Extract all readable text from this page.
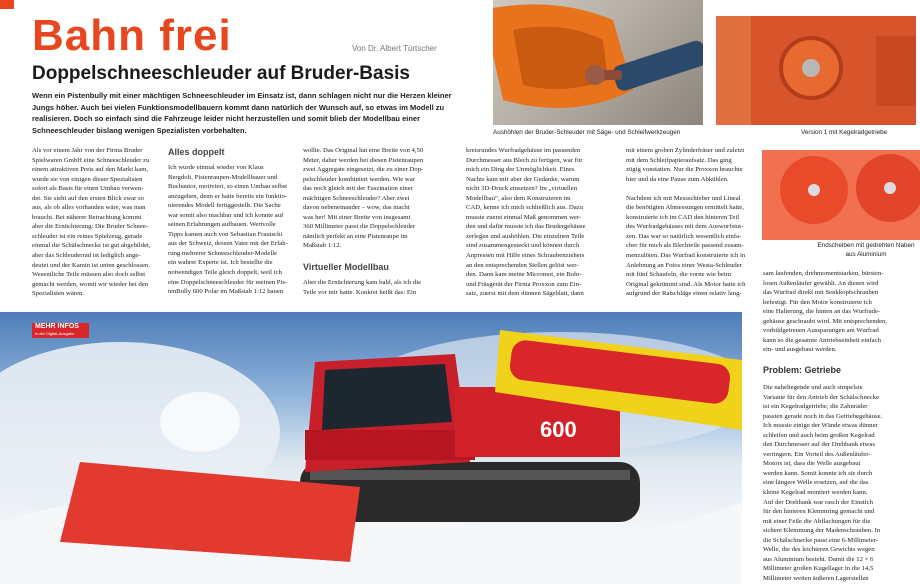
Bahn frei	Von Dr. Albert Türtscher
Doppelschneeschleuder auf Bruder-Basis
Wenn ein Pistenbully mit einer mächtigen Schneeschleuder im Einsatz ist, dann schlagen nicht nur die Herzen kleiner Jungs höher. Auch bei vielen Funktionsmodellbauern kommt dann natürlich der Wunsch auf, so etwas im Modell zu realisieren. Doch so einfach sind die Fahrzeuge leider nicht herzustellen und somit blieb der Modellbau einer Schneeschleuder bislang wenigen Spezialisten vorbehalten.	Aushöhlen der Bruder-Schleuder mit Säge- und Schleifwerkzeugen	Version 1 mit Kegelradgetriebe
Endscheiben mit gedrehten Naben aus Aluminium
Als vor einem Jahr von der Firma Bruder
Spielwaren GmbH eine Schneeschleuder zu
einem attraktiven Preis auf den Markt kam,
wurde sie von einigen dieser Spezialisten
sofort als Basis für einen Umbau verwen-
det. Sie sieht auf den ersten Blick zwar so
aus, als ob alles vorhanden wäre, was man
braucht. Bei näherer Betrachtung kommt
aber die Ernüchterung: Die Bruder Schnee-
schleuder ist ein reines Spielzeug, gerade
einmal die Schälschnecke ist gut abgebildet,
aber das Schleuderrad ist lediglich ange-
deutet und der Kamin ist unten geschlossen.
Wesentliche Teile müssen also doch selbst
gemacht werden, womit wir wieder bei den
Spezialisten wären.
Alles doppelt
Ich wurde einmal wieder von Klaus
Bergdolt, Pistenraupen-Modellbauer und
Buchautor, motiviert, so einen Umbau selbst
anzugehen, denn er hatte bereits ein funktio-
nierendes Modell fertiggestellt. Die Sache
war somit also machbar und ich konnte auf
seinen Erfahrungen aufbauen. Wertvolle
Tipps kamen auch von Sebastian Frautschi
aus der Schweiz, dessen Vater mit der Erfah-
rung mehrerer Schneeschleuder-Modelle
ein wahrer Experte ist. Ich bestellte die
notwendigen Teile gleich doppelt, weil ich
eine Doppelschneeschleuder für meinen Pis-
tenBully 600 Polar im Maßstab 1:12 bauen
wollte. Das Original hat eine Breite von 4,50
Meter, daher werden bei diesen Pistenraupen
zwei Aggregate eingesetzt, die zu einer Dop-
pelschleuder kombiniert werden. Wie war
das noch gleich mit der Faszination einer
mächtigen Schneeschleuder? Aber zwei
davon nebeneinander – wow, das macht
was her! Mit einer Breite von insgesamt
360 Millimeter passt die Doppelschleuder
nämlich perfekt an eine Pistenraupe im
Maßstab 1:12.
Virtueller Modellbau
Aber die Ernüchterung kam bald, als ich die
Teile vor mir hatte. Konkret heißt das: Ein
kreisrundes Wurfradgehäuse im passenden
Durchmesser aus Blech zu fertigen, war für
mich ein Ding der Unmöglichkeit. Eines
Nachts kam mir aber der Gedanke, warum
nicht 3D-Druck einsetzen? Im „virtuellen
Modellbau“, also dem Konstruieren im
CAD, kenne ich mich schließlich aus. Dazu
musste zuerst einmal Maß genommen wer-
den und dafür musste ich das Brudergehäuse
zerlegen und aushöhlen. Die einzelnen Teile
sind zusammengesteckt und können durch
Anpressen mit Hilfe eines Schraubenziehers
an den entsprechenden Stellen gelöst wer-
den. Dann kam meine Micromot, ein Bohr-
und Fräsgerät der Firma Proxxon zum Ein-
satz, zuerst mit dem dünnen Sägeblatt, dann
mit einem groben Zylinderfräser und zuletzt
mit dem Schleifpapieraufsatz. Das ging
zügig vonstatten. Nur die Proxxon brauchte
hier und da eine Pause zum Abkühlen.

Nachdem ich mit Messschieber und Lineal
die benötigten Abmessungen ermittelt hatte,
konstruierte ich im CAD den hinteren Teil
des Wurfradgehäuses mit dem Auswurfstut-
zen. Das war so natürlich wesentlich einfa-
cher für mich als Blechteile passend zusam-
menzulöten. Das Wurfrad konstruierte ich in
Anlehnung an Fotos einer Westa-Schleuder
mit fünf Schaufeln, die vorne wie beim
Original gekrümmt sind. Als Motor hatte ich
aufgrund der Ratschläge einen relativ lang-
sam laufenden, drehmomentstarken, bürsten-
losen Außenläufer gewählt. An diesen wird
das Wurfrad direkt mit Senkkopfschrauben
befestigt. Für den Motor konstruierte ich
eine Halterung, die hinten an das Wurfrade-
gehäuse geschraubt wird. Mit entsprechenden,
vorbildgetreuen Aussparungen am Wurfrad
kann so die gesamte Antriebseinheit einfach
ein- und ausgebaut werden.
Problem: Getriebe
Die naheliegende und auch simpelste
Variante für den Antrieb der Schälschnecke
ist ein Kegelradgetriebe, die Zahnräder
passten gerade noch in das Getriebegehäuse.
Ich musste einige der Wände etwas dünner
schleifen und auch beim großen Kegelrad
den Durchmesser auf der Drehbank etwas
verringern. Ein Vorteil des Außenläufer-
Motors ist, dass die Welle ausgebaut
werden kann. Somit konnte ich sie durch
eine längere Welle ersetzen, auf die das
kleine Kegelrad montiert werden kann.
Auf der Drehbank war rasch der Einstich
für den hinteren Klemmring gemacht und
mit einer Feile die Abflachungen für die
sichere Klemmung der Madenschrauben. In
die Schälschnecke passt eine 6-Millimeter-
Welle, die des leichteren Gewichts wegen
aus Aluminium besteht. Damit die 12 × 6
Millimeter großen Kugellager in die 14,5
Millimeter weiten äußeren Lagerstellen
600
MEHR INFOS
in der Digital-Ausgabe
